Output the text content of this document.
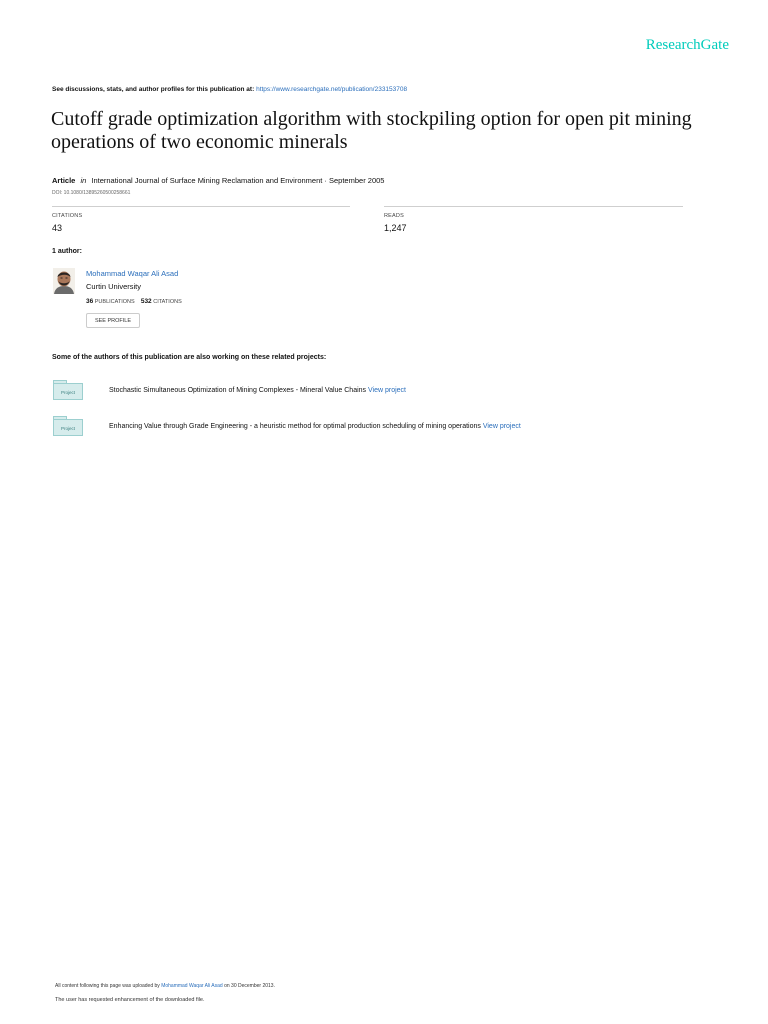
ResearchGate
See discussions, stats, and author profiles for this publication at: https://www.researchgate.net/publication/233153708
Cutoff grade optimization algorithm with stockpiling option for open pit mining operations of two economic minerals
Article in International Journal of Surface Mining Reclamation and Environment · September 2005
DOI: 10.1080/13895260500258661
CITATIONS
43
READS
1,247
1 author:
Mohammad Waqar Ali Asad
Curtin University
36 PUBLICATIONS 532 CITATIONS
SEE PROFILE
Some of the authors of this publication are also working on these related projects:
Project	Stochastic Simultaneous Optimization of Mining Complexes - Mineral Value Chains View project
Project	Enhancing Value through Grade Engineering - a heuristic method for optimal production scheduling of mining operations View project
All content following this page was uploaded by Mohammad Waqar Ali Asad on 30 December 2013.
The user has requested enhancement of the downloaded file.
